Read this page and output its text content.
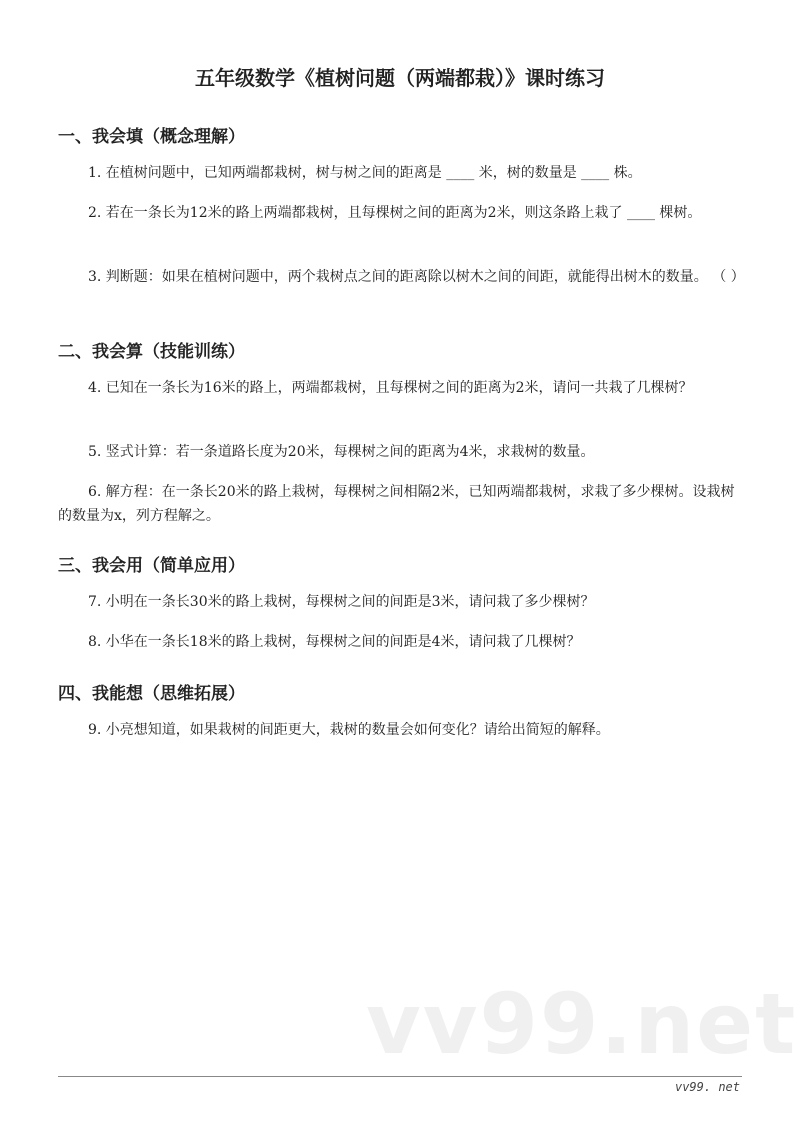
五年级数学《植树问题（两端都栽）》课时练习
一、我会填（概念理解）
1. 在植树问题中，已知两端都栽树，树与树之间的距离是 ____ 米，树的数量是 ____ 株。
2. 若在一条长为12米的路上两端都栽树，且每棵树之间的距离为2米，则这条路上栽了 ____ 棵树。
3. 判断题：如果在植树问题中，两个栽树点之间的距离除以树木之间的间距，就能得出树木的数量。 （ ）
二、我会算（技能训练）
4. 已知在一条长为16米的路上，两端都栽树，且每棵树之间的距离为2米，请问一共栽了几棵树？
5. 竖式计算：若一条道路长度为20米，每棵树之间的距离为4米，求栽树的数量。
6. 解方程：在一条长20米的路上栽树，每棵树之间相隔2米，已知两端都栽树，求栽了多少棵树。设栽树的数量为x，列方程解之。
三、我会用（简单应用）
7. 小明在一条长30米的路上栽树，每棵树之间的间距是3米，请问栽了多少棵树？
8. 小华在一条长18米的路上栽树，每棵树之间的间距是4米，请问栽了几棵树？
四、我能想（思维拓展）
9. 小亮想知道，如果栽树的间距更大，栽树的数量会如何变化？请给出简短的解释。
vv99.net
vv99. net
